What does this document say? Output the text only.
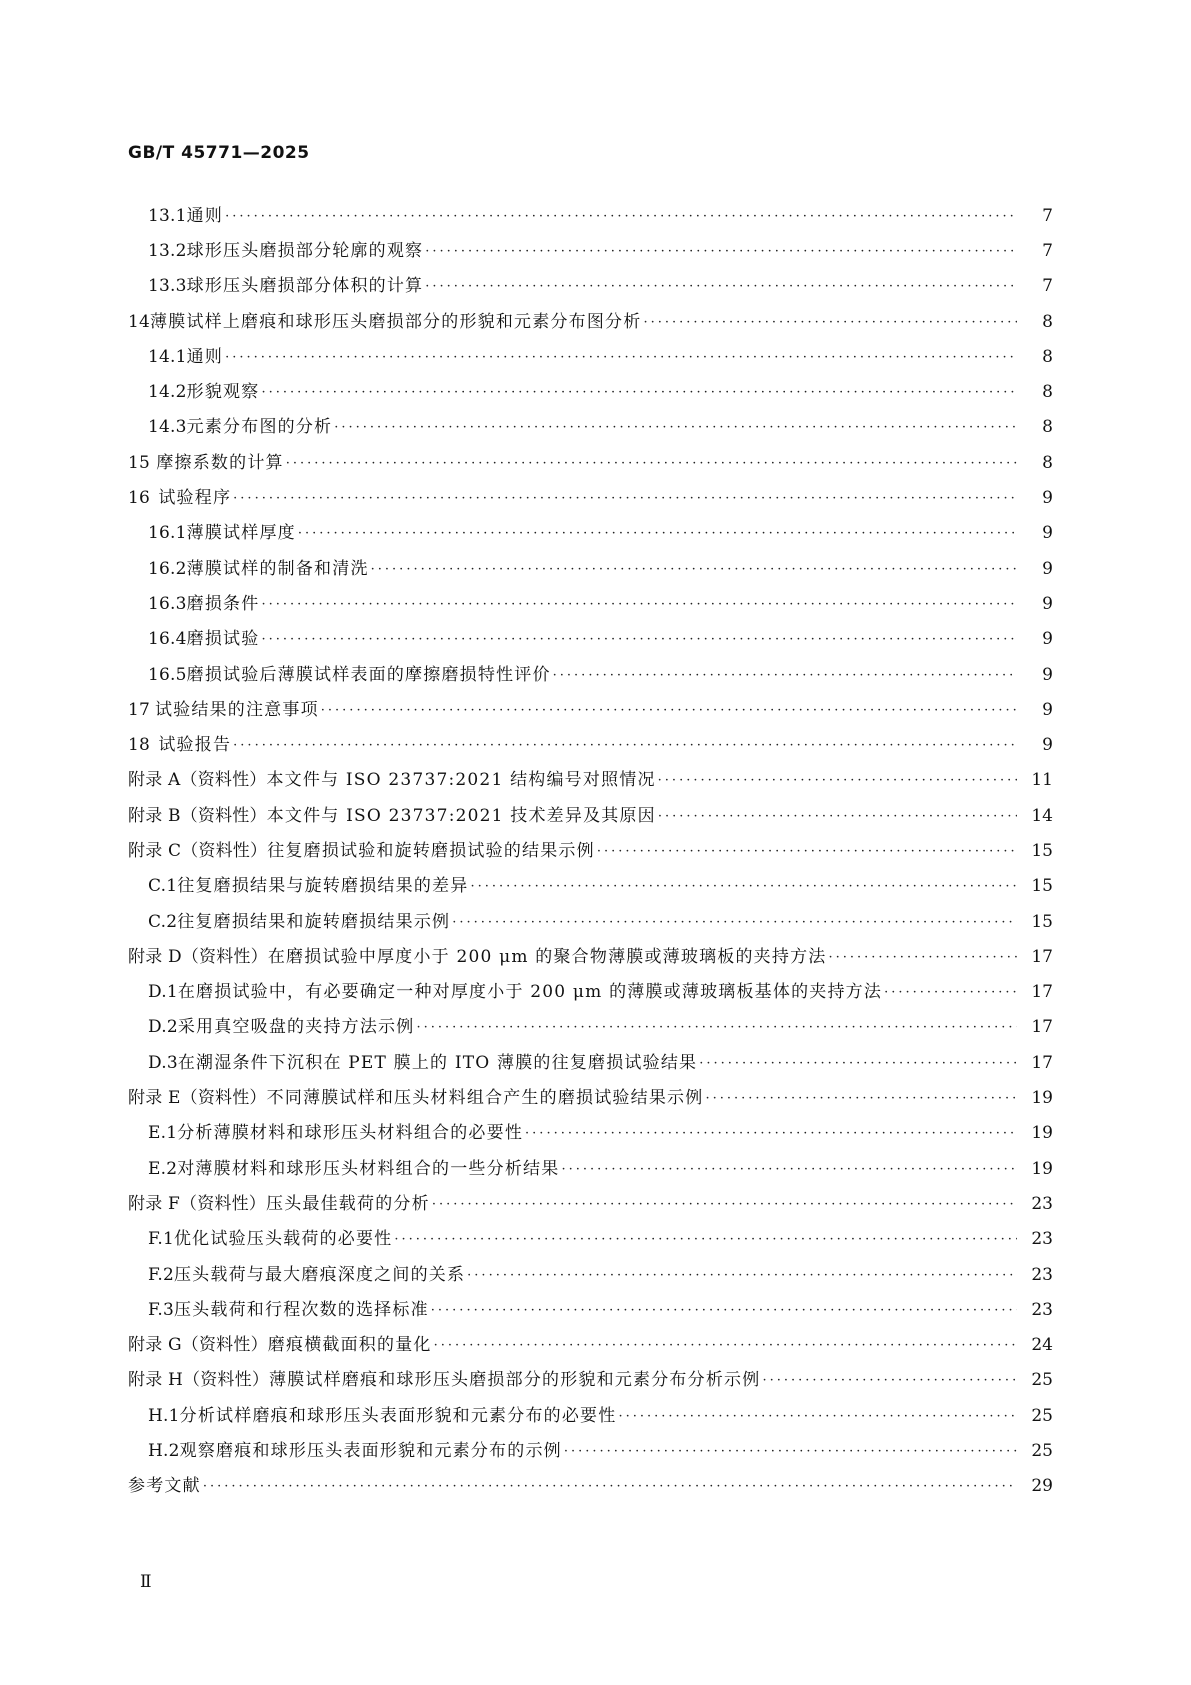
GB/T 45771—2025
13.1 通则 ·····	7
13.2 球形压头磨损部分轮廓的观察 ·····	7
13.3 球形压头磨损部分体积的计算 ·····	7
14 薄膜试样上磨痕和球形压头磨损部分的形貌和元素分布图分析 ·····	8
14.1 通则 ·····	8
14.2 形貌观察 ·····	8
14.3 元素分布图的分析 ·····	8
15 摩擦系数的计算 ·····	8
16 试验程序 ·····	9
16.1 薄膜试样厚度 ·····	9
16.2 薄膜试样的制备和清洗 ·····	9
16.3 磨损条件 ·····	9
16.4 磨损试验 ·····	9
16.5 磨损试验后薄膜试样表面的摩擦磨损特性评价 ·····	9
17 试验结果的注意事项 ·····	9
18 试验报告 ·····	9
附录 A（资料性） 本文件与 ISO 23737:2021 结构编号对照情况 ·····	11
附录 B（资料性） 本文件与 ISO 23737:2021 技术差异及其原因 ·····	14
附录 C（资料性） 往复磨损试验和旋转磨损试验的结果示例 ·····	15
C.1 往复磨损结果与旋转磨损结果的差异 ·····	15
C.2 往复磨损结果和旋转磨损结果示例 ·····	15
附录 D（资料性） 在磨损试验中厚度小于 200 μm 的聚合物薄膜或薄玻璃板的夹持方法 ·····	17
D.1 在磨损试验中，有必要确定一种对厚度小于 200 μm 的薄膜或薄玻璃板基体的夹持方法 ·····	17
D.2 采用真空吸盘的夹持方法示例 ·····	17
D.3 在潮湿条件下沉积在 PET 膜上的 ITO 薄膜的往复磨损试验结果 ·····	17
附录 E（资料性） 不同薄膜试样和压头材料组合产生的磨损试验结果示例 ·····	19
E.1 分析薄膜材料和球形压头材料组合的必要性 ·····	19
E.2 对薄膜材料和球形压头材料组合的一些分析结果 ·····	19
附录 F（资料性） 压头最佳载荷的分析 ·····	23
F.1 优化试验压头载荷的必要性 ·····	23
F.2 压头载荷与最大磨痕深度之间的关系 ·····	23
F.3 压头载荷和行程次数的选择标准 ·····	23
附录 G（资料性） 磨痕横截面积的量化 ·····	24
附录 H（资料性） 薄膜试样磨痕和球形压头磨损部分的形貌和元素分布分析示例 ·····	25
H.1 分析试样磨痕和球形压头表面形貌和元素分布的必要性 ·····	25
H.2 观察磨痕和球形压头表面形貌和元素分布的示例 ·····	25
参考文献 ·····	29
Ⅱ
